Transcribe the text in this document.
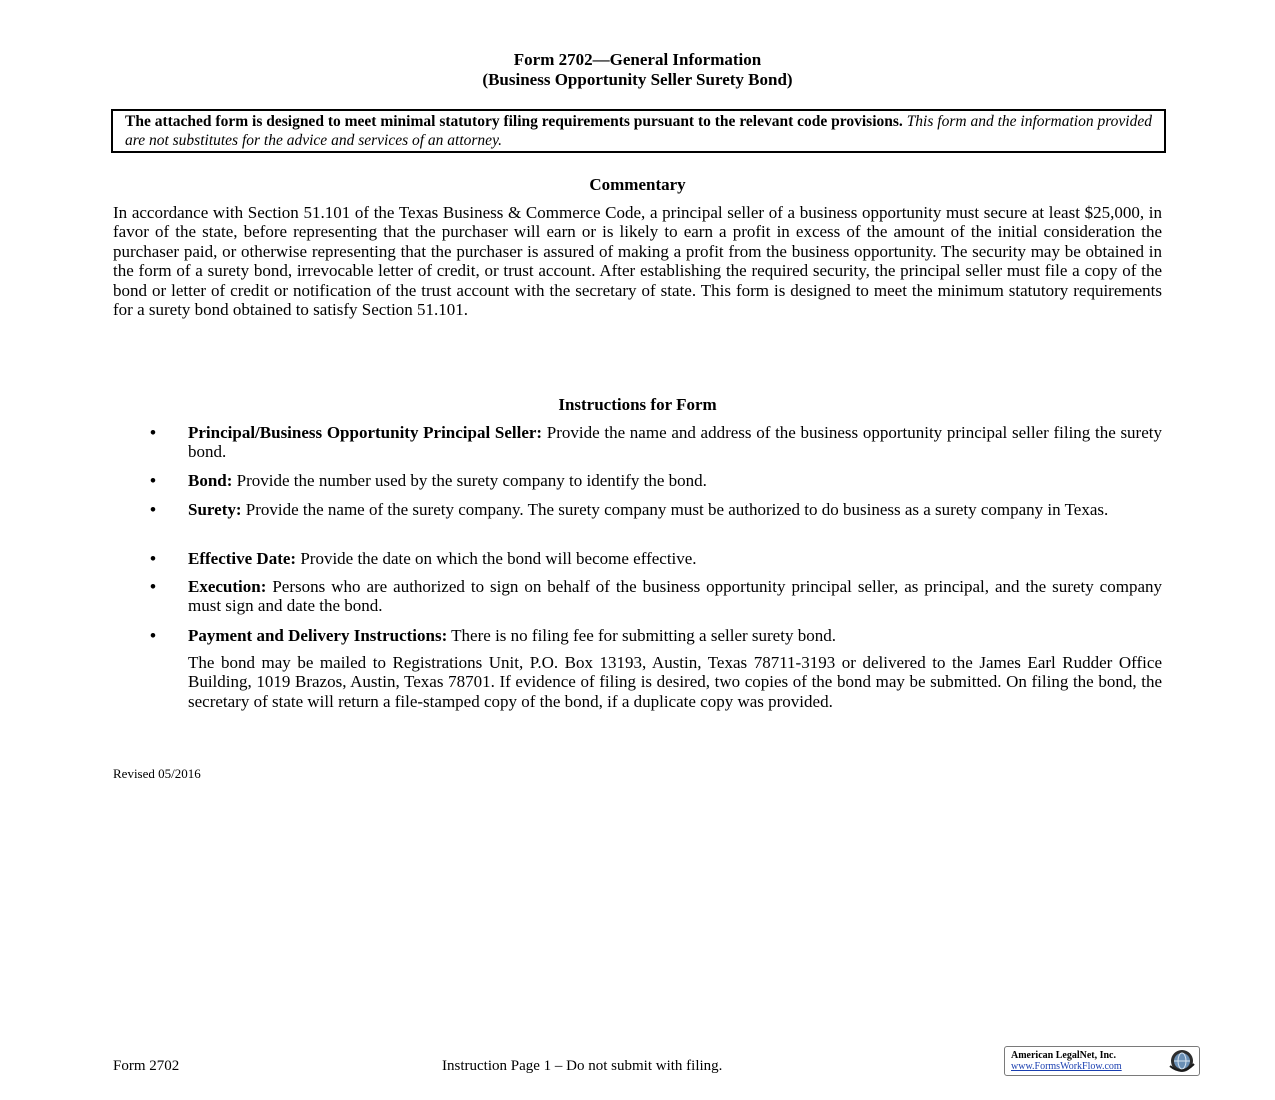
Form 2702—General Information
(Business Opportunity Seller Surety Bond)
The attached form is designed to meet minimal statutory filing requirements pursuant to the relevant code provisions. This form and the information provided are not substitutes for the advice and services of an attorney.
Commentary

In accordance with Section 51.101 of the Texas Business & Commerce Code, a principal seller of a business opportunity must secure at least $25,000, in favor of the state, before representing that the purchaser will earn or is likely to earn a profit in excess of the amount of the initial consideration the purchaser paid, or otherwise representing that the purchaser is assured of making a profit from the business opportunity. The security may be obtained in the form of a surety bond, irrevocable letter of credit, or trust account. After establishing the required security, the principal seller must file a copy of the bond or letter of credit or notification of the trust account with the secretary of state. This form is designed to meet the minimum statutory requirements for a surety bond obtained to satisfy Section 51.101.

Instructions for Form
• Principal/Business Opportunity Principal Seller: Provide the name and address of the business opportunity principal seller filing the surety bond.
• Bond: Provide the number used by the surety company to identify the bond.
• Surety: Provide the name of the surety company. The surety company must be authorized to do business as a surety company in Texas.
• Effective Date: Provide the date on which the bond will become effective.
• Execution: Persons who are authorized to sign on behalf of the business opportunity principal seller, as principal, and the surety company must sign and date the bond.
• Payment and Delivery Instructions: There is no filing fee for submitting a seller surety bond.
The bond may be mailed to Registrations Unit, P.O. Box 13193, Austin, Texas 78711-3193 or delivered to the James Earl Rudder Office Building, 1019 Brazos, Austin, Texas 78701. If evidence of filing is desired, two copies of the bond may be submitted. On filing the bond, the secretary of state will return a file-stamped copy of the bond, if a duplicate copy was provided.
Revised 05/2016
Form 2702	Instruction Page 1 – Do not submit with filing.
American LegalNet, Inc.
www.FormsWorkFlow.com
